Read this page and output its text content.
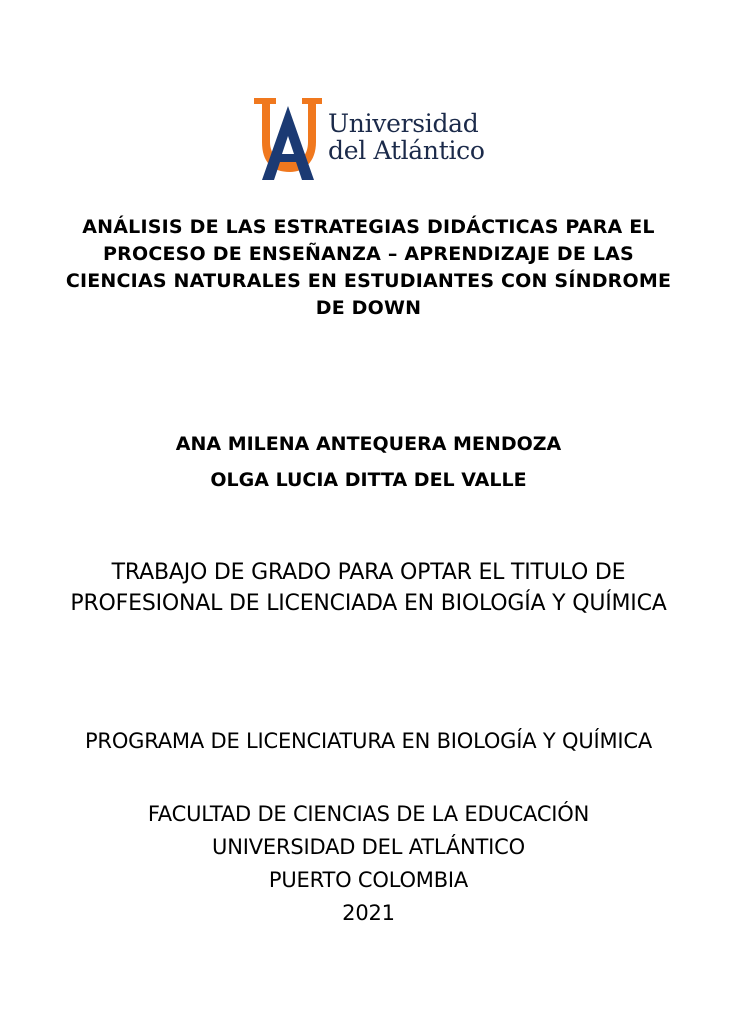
Universidad
del Atlántico
ANÁLISIS DE LAS ESTRATEGIAS DIDÁCTICAS PARA EL PROCESO DE ENSEÑANZA – APRENDIZAJE DE LAS CIENCIAS NATURALES EN ESTUDIANTES CON SÍNDROME DE DOWN
ANA MILENA ANTEQUERA MENDOZA
OLGA LUCIA DITTA DEL VALLE
TRABAJO DE GRADO PARA OPTAR EL TITULO DE PROFESIONAL DE LICENCIADA EN BIOLOGÍA Y QUÍMICA
PROGRAMA DE LICENCIATURA EN BIOLOGÍA Y QUÍMICA
FACULTAD DE CIENCIAS DE LA EDUCACIÓN
UNIVERSIDAD DEL ATLÁNTICO
PUERTO COLOMBIA
2021
